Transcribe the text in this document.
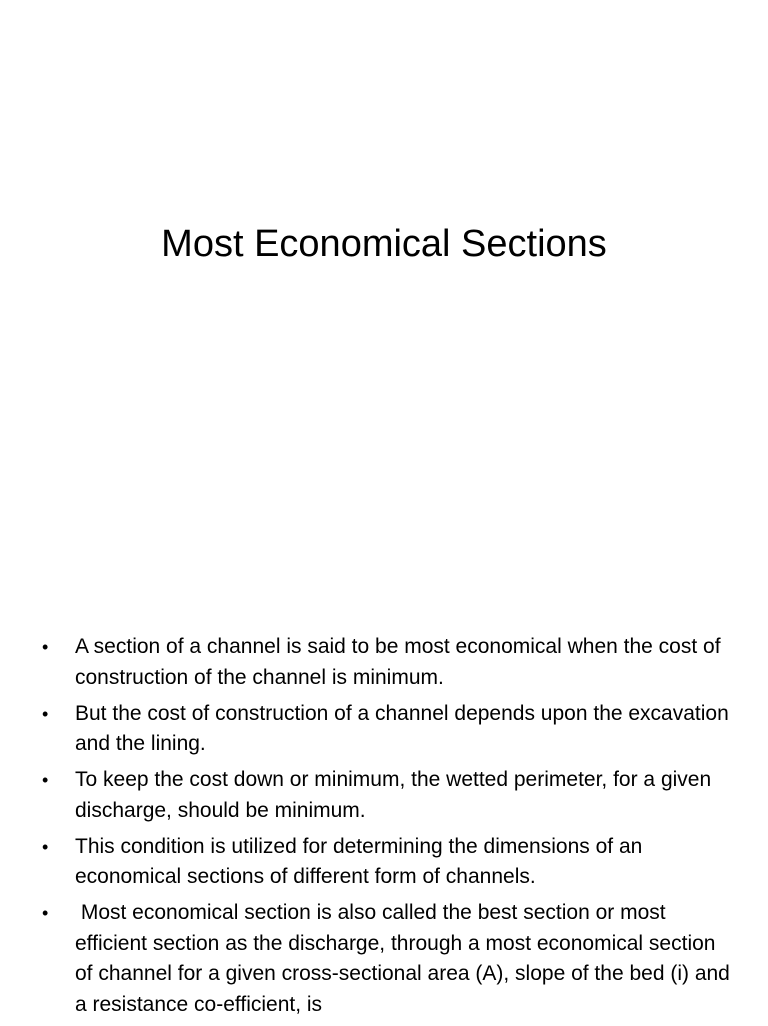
Most Economical Sections
•	A section of a channel is said to be most economical when the cost of construction of the channel is minimum.
•	But the cost of construction of a channel depends upon the excavation and the lining.
•	To keep the cost down or minimum, the wetted perimeter, for a given discharge, should be minimum.
•	This condition is utilized for determining the dimensions of an economical sections of different form of channels.
•	Most economical section is also called the best section or most efficient section as the discharge, through a most economical section of channel for a given cross-sectional area (A), slope of the bed (i) and a resistance co-efficient, is
